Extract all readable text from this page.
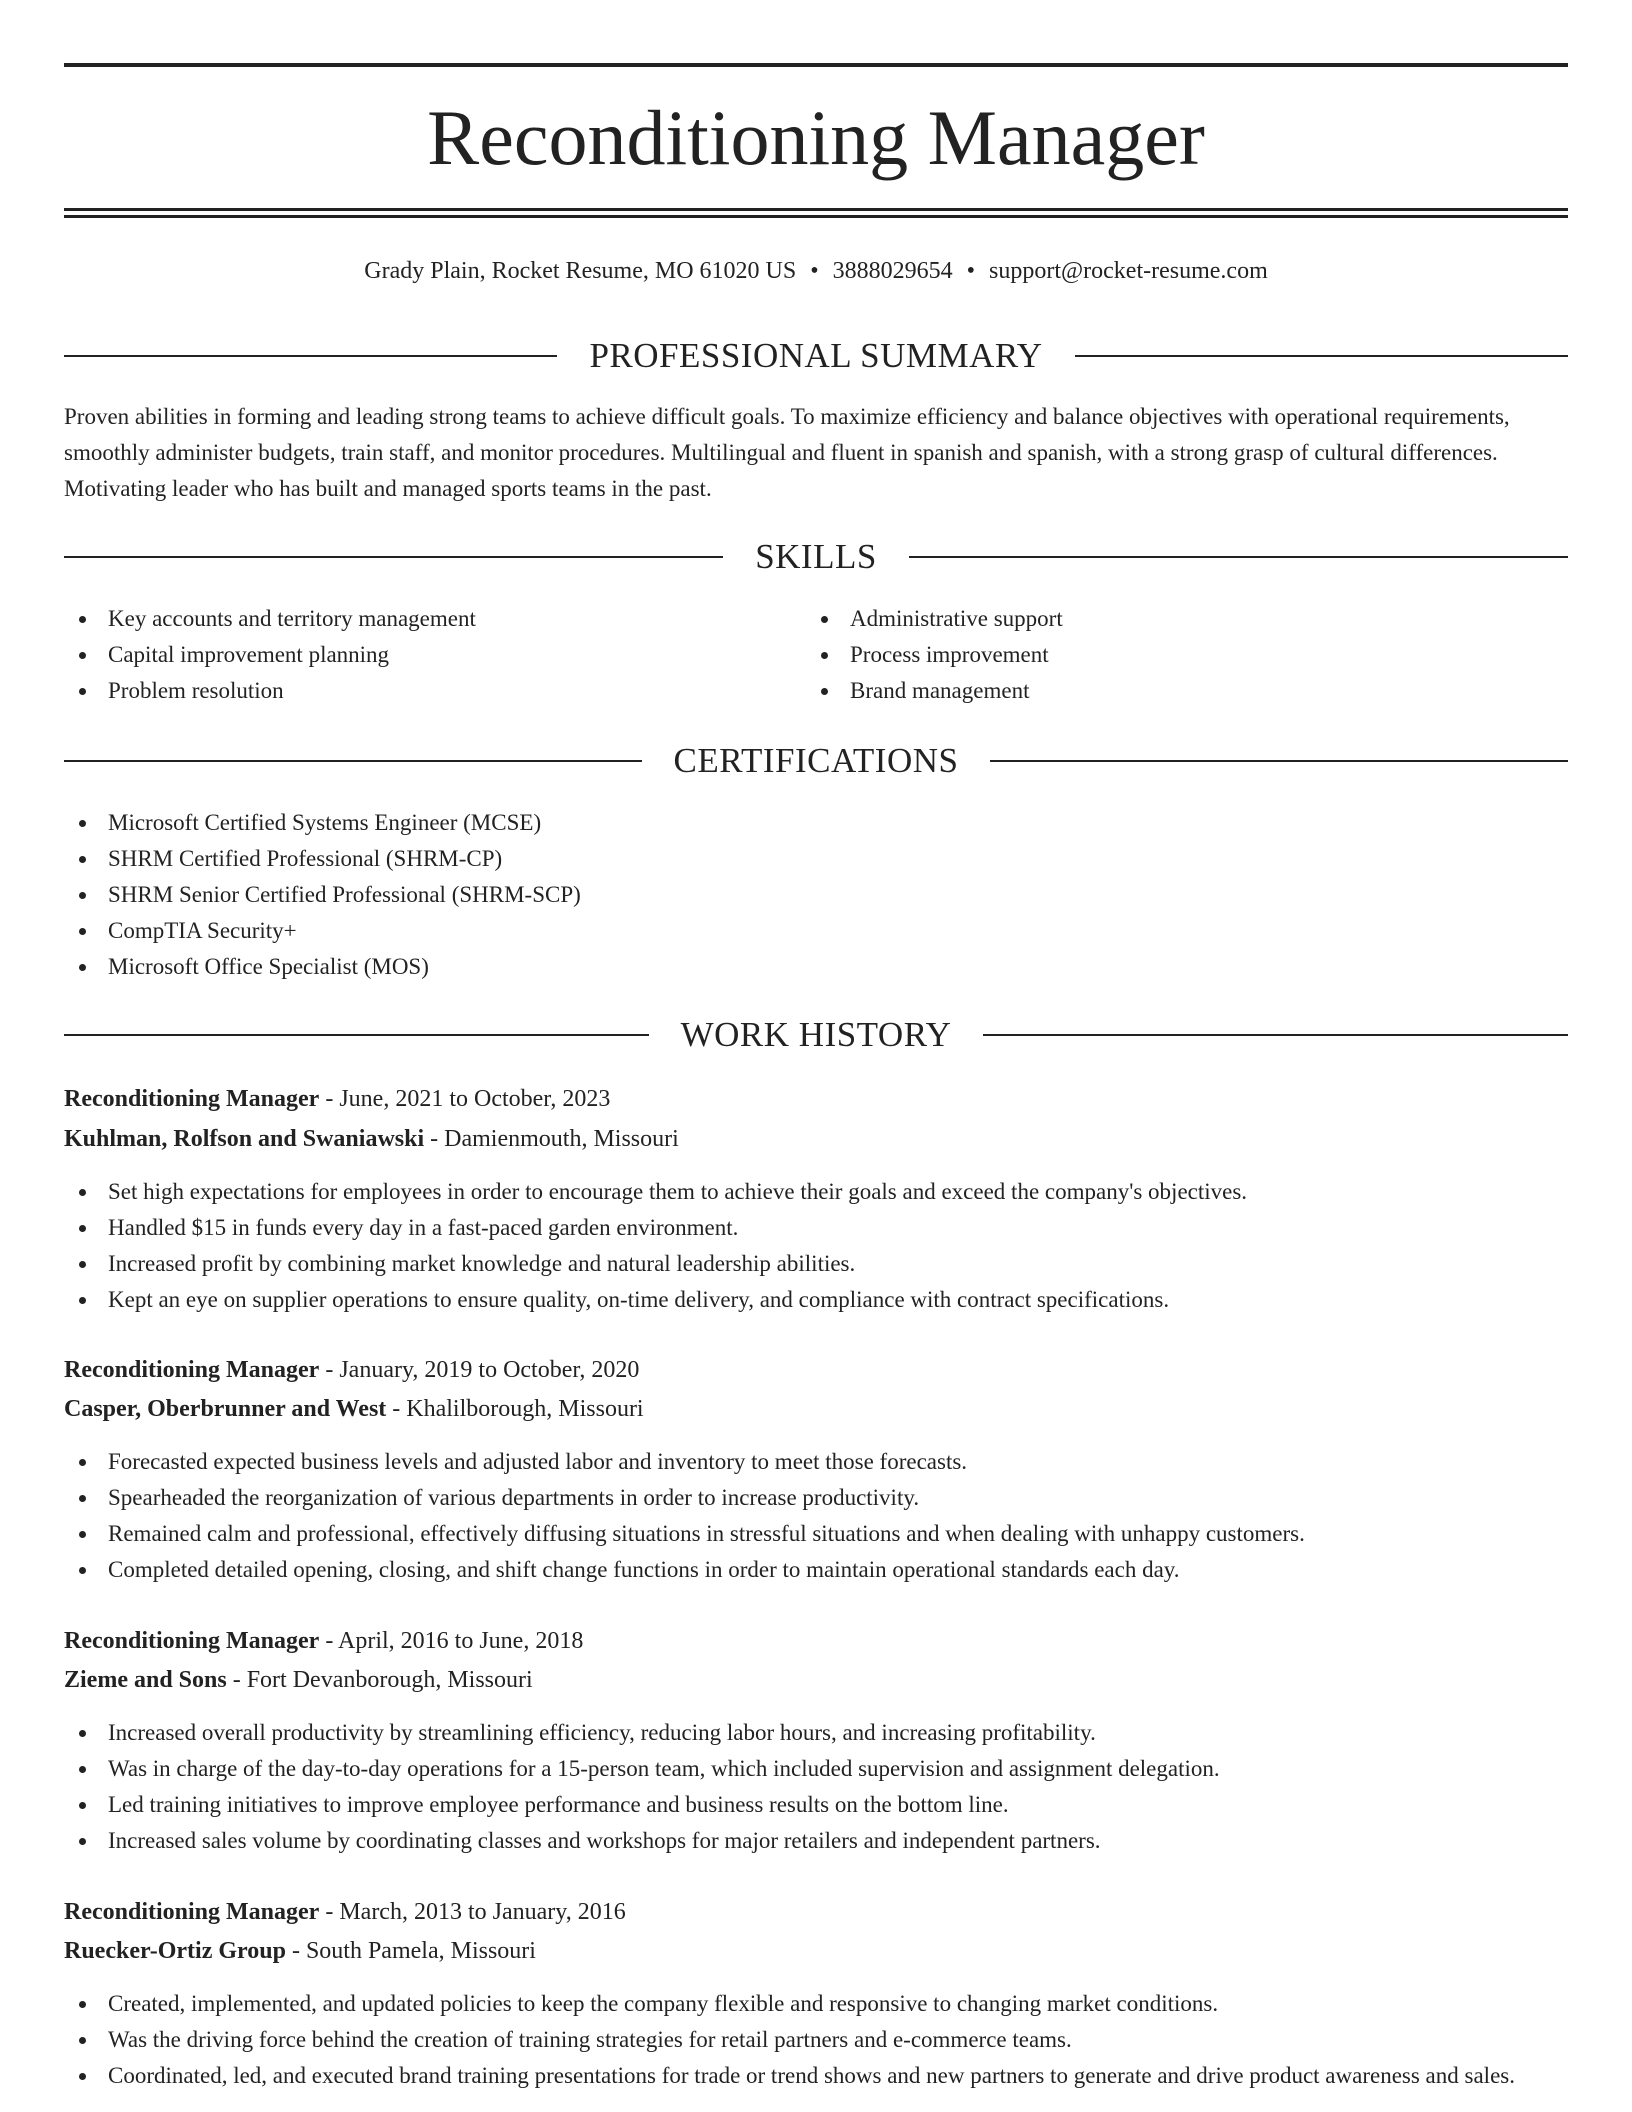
Reconditioning Manager
Grady Plain, Rocket Resume, MO 61020 US • 3888029654 • support@rocket-resume.com
PROFESSIONAL SUMMARY
Proven abilities in forming and leading strong teams to achieve difficult goals. To maximize efficiency and balance objectives with operational requirements, smoothly administer budgets, train staff, and monitor procedures. Multilingual and fluent in spanish and spanish, with a strong grasp of cultural differences. Motivating leader who has built and managed sports teams in the past.
SKILLS
Key accounts and territory management
Capital improvement planning
Problem resolution
Administrative support
Process improvement
Brand management
CERTIFICATIONS
Microsoft Certified Systems Engineer (MCSE)
SHRM Certified Professional (SHRM-CP)
SHRM Senior Certified Professional (SHRM-SCP)
CompTIA Security+
Microsoft Office Specialist (MOS)
WORK HISTORY
Reconditioning Manager - June, 2021 to October, 2023
Kuhlman, Rolfson and Swaniawski - Damienmouth, Missouri
Set high expectations for employees in order to encourage them to achieve their goals and exceed the company's objectives.
Handled $15 in funds every day in a fast-paced garden environment.
Increased profit by combining market knowledge and natural leadership abilities.
Kept an eye on supplier operations to ensure quality, on-time delivery, and compliance with contract specifications.
Reconditioning Manager - January, 2019 to October, 2020
Casper, Oberbrunner and West - Khalilborough, Missouri
Forecasted expected business levels and adjusted labor and inventory to meet those forecasts.
Spearheaded the reorganization of various departments in order to increase productivity.
Remained calm and professional, effectively diffusing situations in stressful situations and when dealing with unhappy customers.
Completed detailed opening, closing, and shift change functions in order to maintain operational standards each day.
Reconditioning Manager - April, 2016 to June, 2018
Zieme and Sons - Fort Devanborough, Missouri
Increased overall productivity by streamlining efficiency, reducing labor hours, and increasing profitability.
Was in charge of the day-to-day operations for a 15-person team, which included supervision and assignment delegation.
Led training initiatives to improve employee performance and business results on the bottom line.
Increased sales volume by coordinating classes and workshops for major retailers and independent partners.
Reconditioning Manager - March, 2013 to January, 2016
Ruecker-Ortiz Group - South Pamela, Missouri
Created, implemented, and updated policies to keep the company flexible and responsive to changing market conditions.
Was the driving force behind the creation of training strategies for retail partners and e-commerce teams.
Coordinated, led, and executed brand training presentations for trade or trend shows and new partners to generate and drive product awareness and sales.
